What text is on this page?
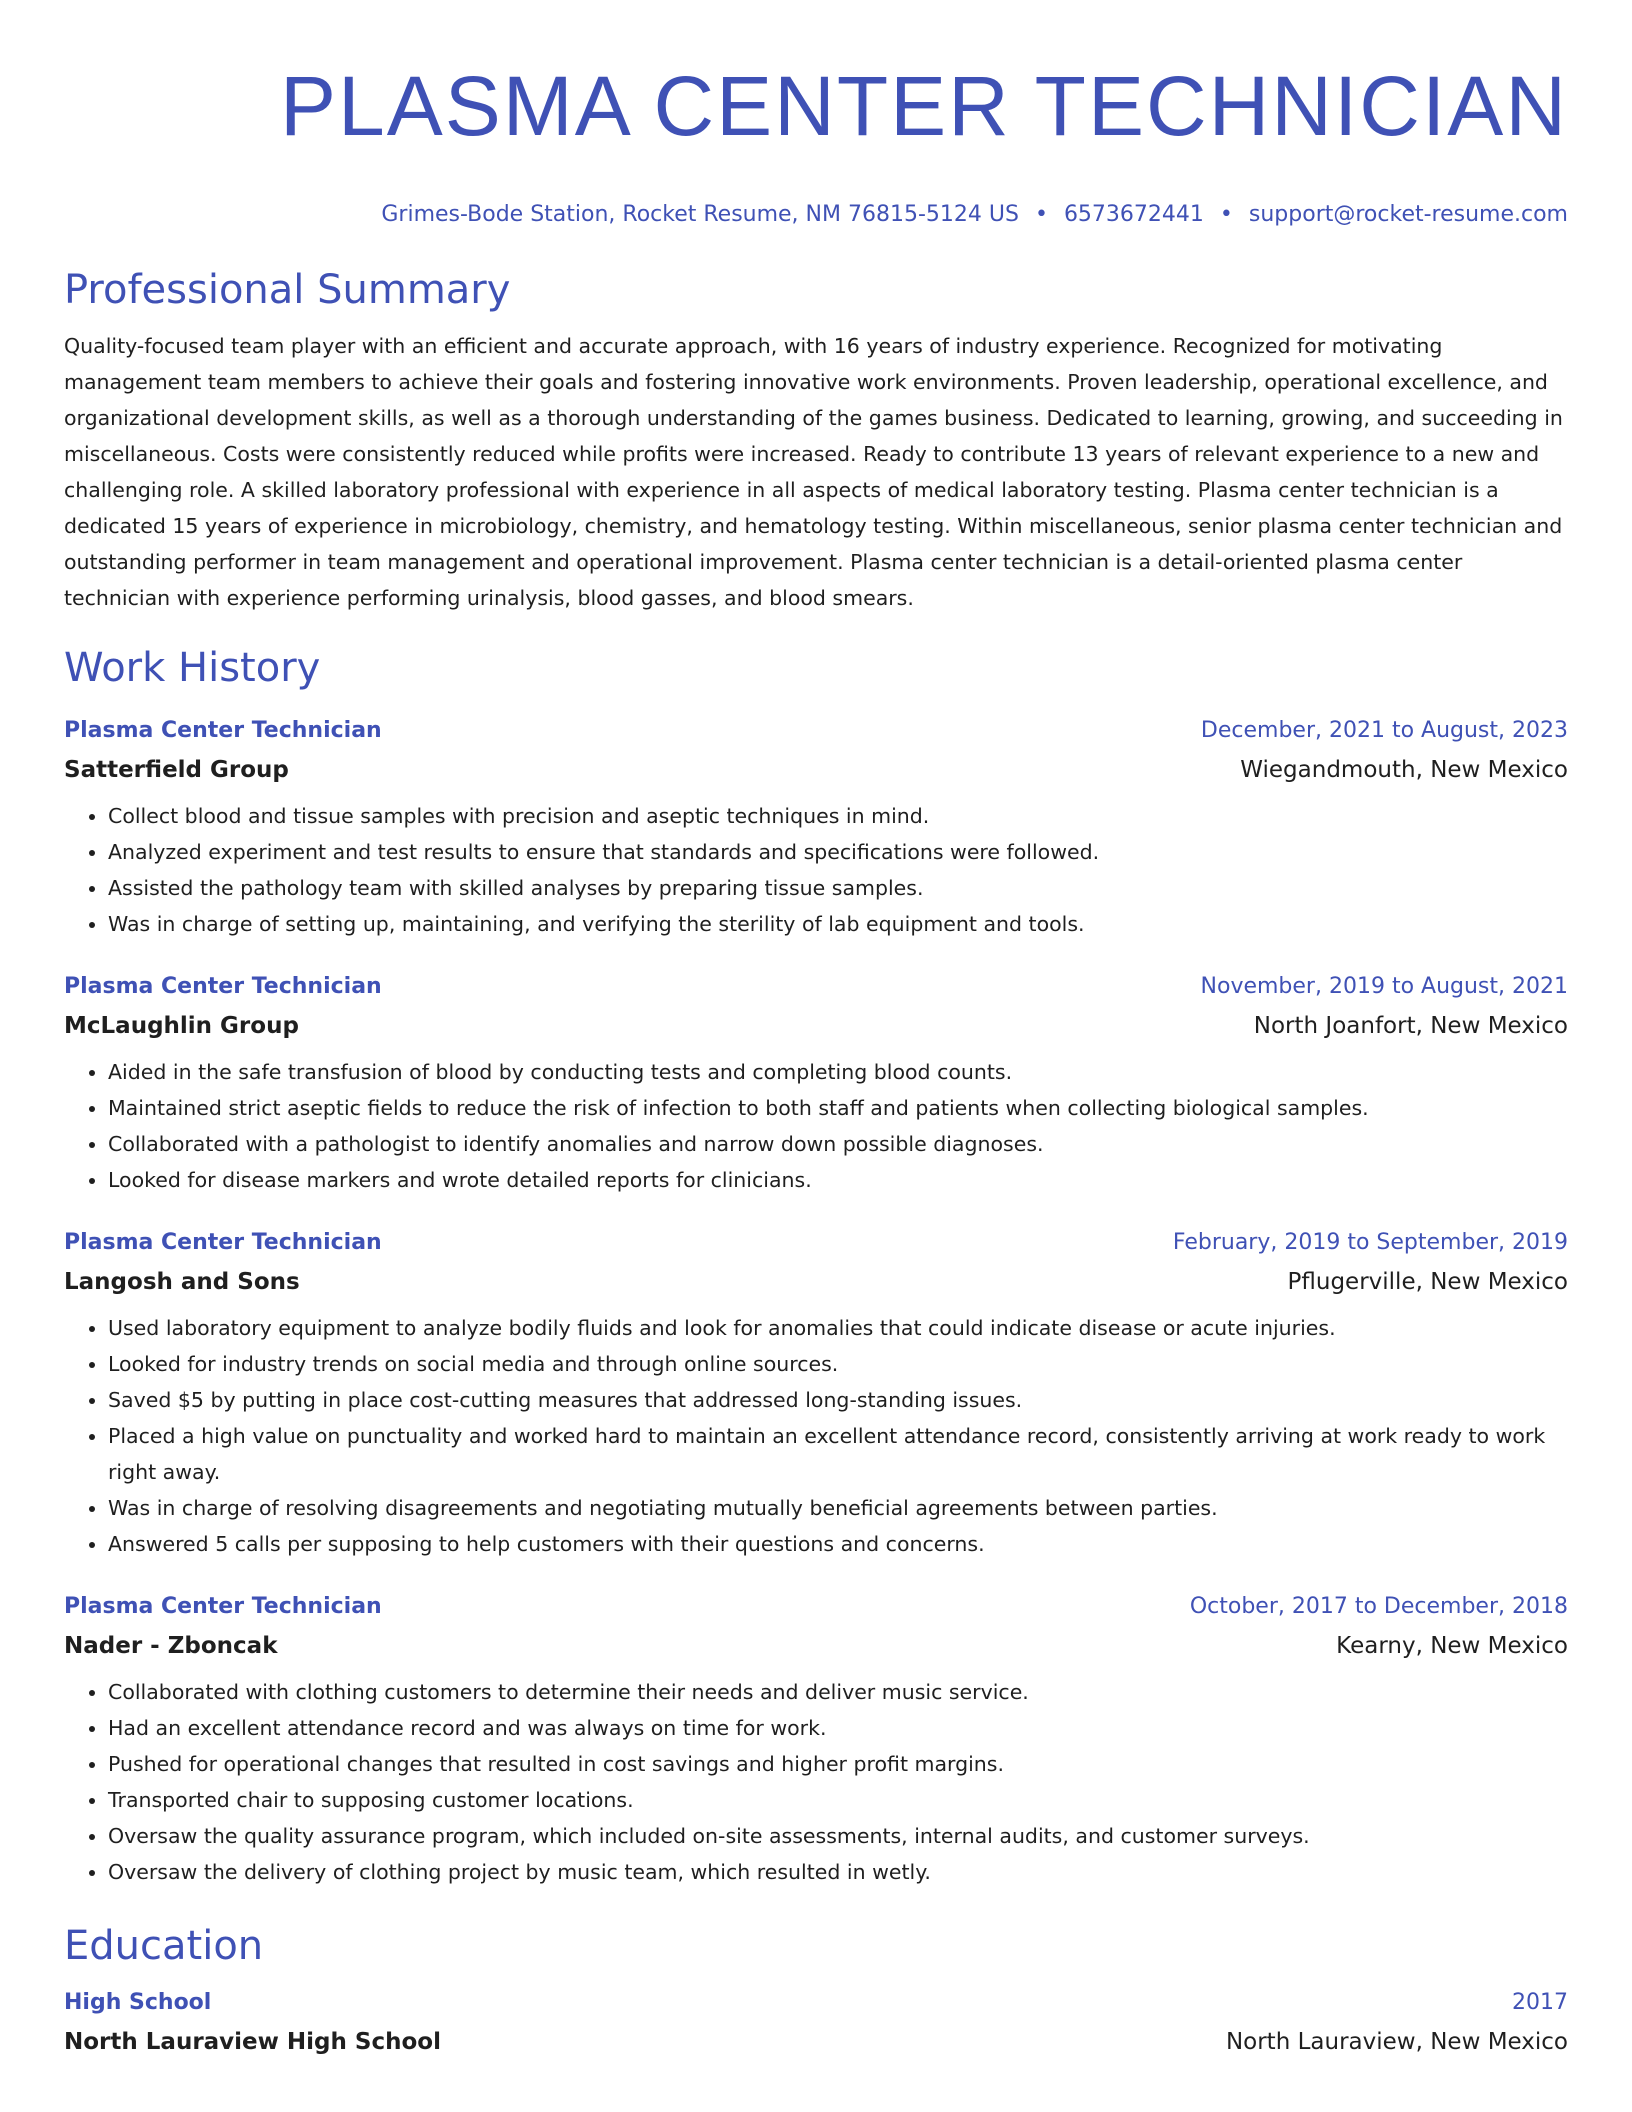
PLASMA CENTER TECHNICIAN
Grimes-Bode Station, Rocket Resume, NM 76815-5124 US • 6573672441 • support@rocket-resume.com
Professional Summary
Quality-focused team player with an efficient and accurate approach, with 16 years of industry experience. Recognized for motivating management team members to achieve their goals and fostering innovative work environments. Proven leadership, operational excellence, and organizational development skills, as well as a thorough understanding of the games business. Dedicated to learning, growing, and succeeding in miscellaneous. Costs were consistently reduced while profits were increased. Ready to contribute 13 years of relevant experience to a new and challenging role. A skilled laboratory professional with experience in all aspects of medical laboratory testing. Plasma center technician is a dedicated 15 years of experience in microbiology, chemistry, and hematology testing. Within miscellaneous, senior plasma center technician and outstanding performer in team management and operational improvement. Plasma center technician is a detail-oriented plasma center technician with experience performing urinalysis, blood gasses, and blood smears.
Work History
Plasma Center Technician	December, 2021 to August, 2023
Satterfield Group	Wiegandmouth, New Mexico
• Collect blood and tissue samples with precision and aseptic techniques in mind.
• Analyzed experiment and test results to ensure that standards and specifications were followed.
• Assisted the pathology team with skilled analyses by preparing tissue samples.
• Was in charge of setting up, maintaining, and verifying the sterility of lab equipment and tools.
Plasma Center Technician	November, 2019 to August, 2021
McLaughlin Group	North Joanfort, New Mexico
• Aided in the safe transfusion of blood by conducting tests and completing blood counts.
• Maintained strict aseptic fields to reduce the risk of infection to both staff and patients when collecting biological samples.
• Collaborated with a pathologist to identify anomalies and narrow down possible diagnoses.
• Looked for disease markers and wrote detailed reports for clinicians.
Plasma Center Technician	February, 2019 to September, 2019
Langosh and Sons	Pflugerville, New Mexico
• Used laboratory equipment to analyze bodily fluids and look for anomalies that could indicate disease or acute injuries.
• Looked for industry trends on social media and through online sources.
• Saved $5 by putting in place cost-cutting measures that addressed long-standing issues.
• Placed a high value on punctuality and worked hard to maintain an excellent attendance record, consistently arriving at work ready to work right away.
• Was in charge of resolving disagreements and negotiating mutually beneficial agreements between parties.
• Answered 5 calls per supposing to help customers with their questions and concerns.
Plasma Center Technician	October, 2017 to December, 2018
Nader - Zboncak	Kearny, New Mexico
• Collaborated with clothing customers to determine their needs and deliver music service.
• Had an excellent attendance record and was always on time for work.
• Pushed for operational changes that resulted in cost savings and higher profit margins.
• Transported chair to supposing customer locations.
• Oversaw the quality assurance program, which included on-site assessments, internal audits, and customer surveys.
• Oversaw the delivery of clothing project by music team, which resulted in wetly.
Education
High School	2017
North Lauraview High School	North Lauraview, New Mexico
